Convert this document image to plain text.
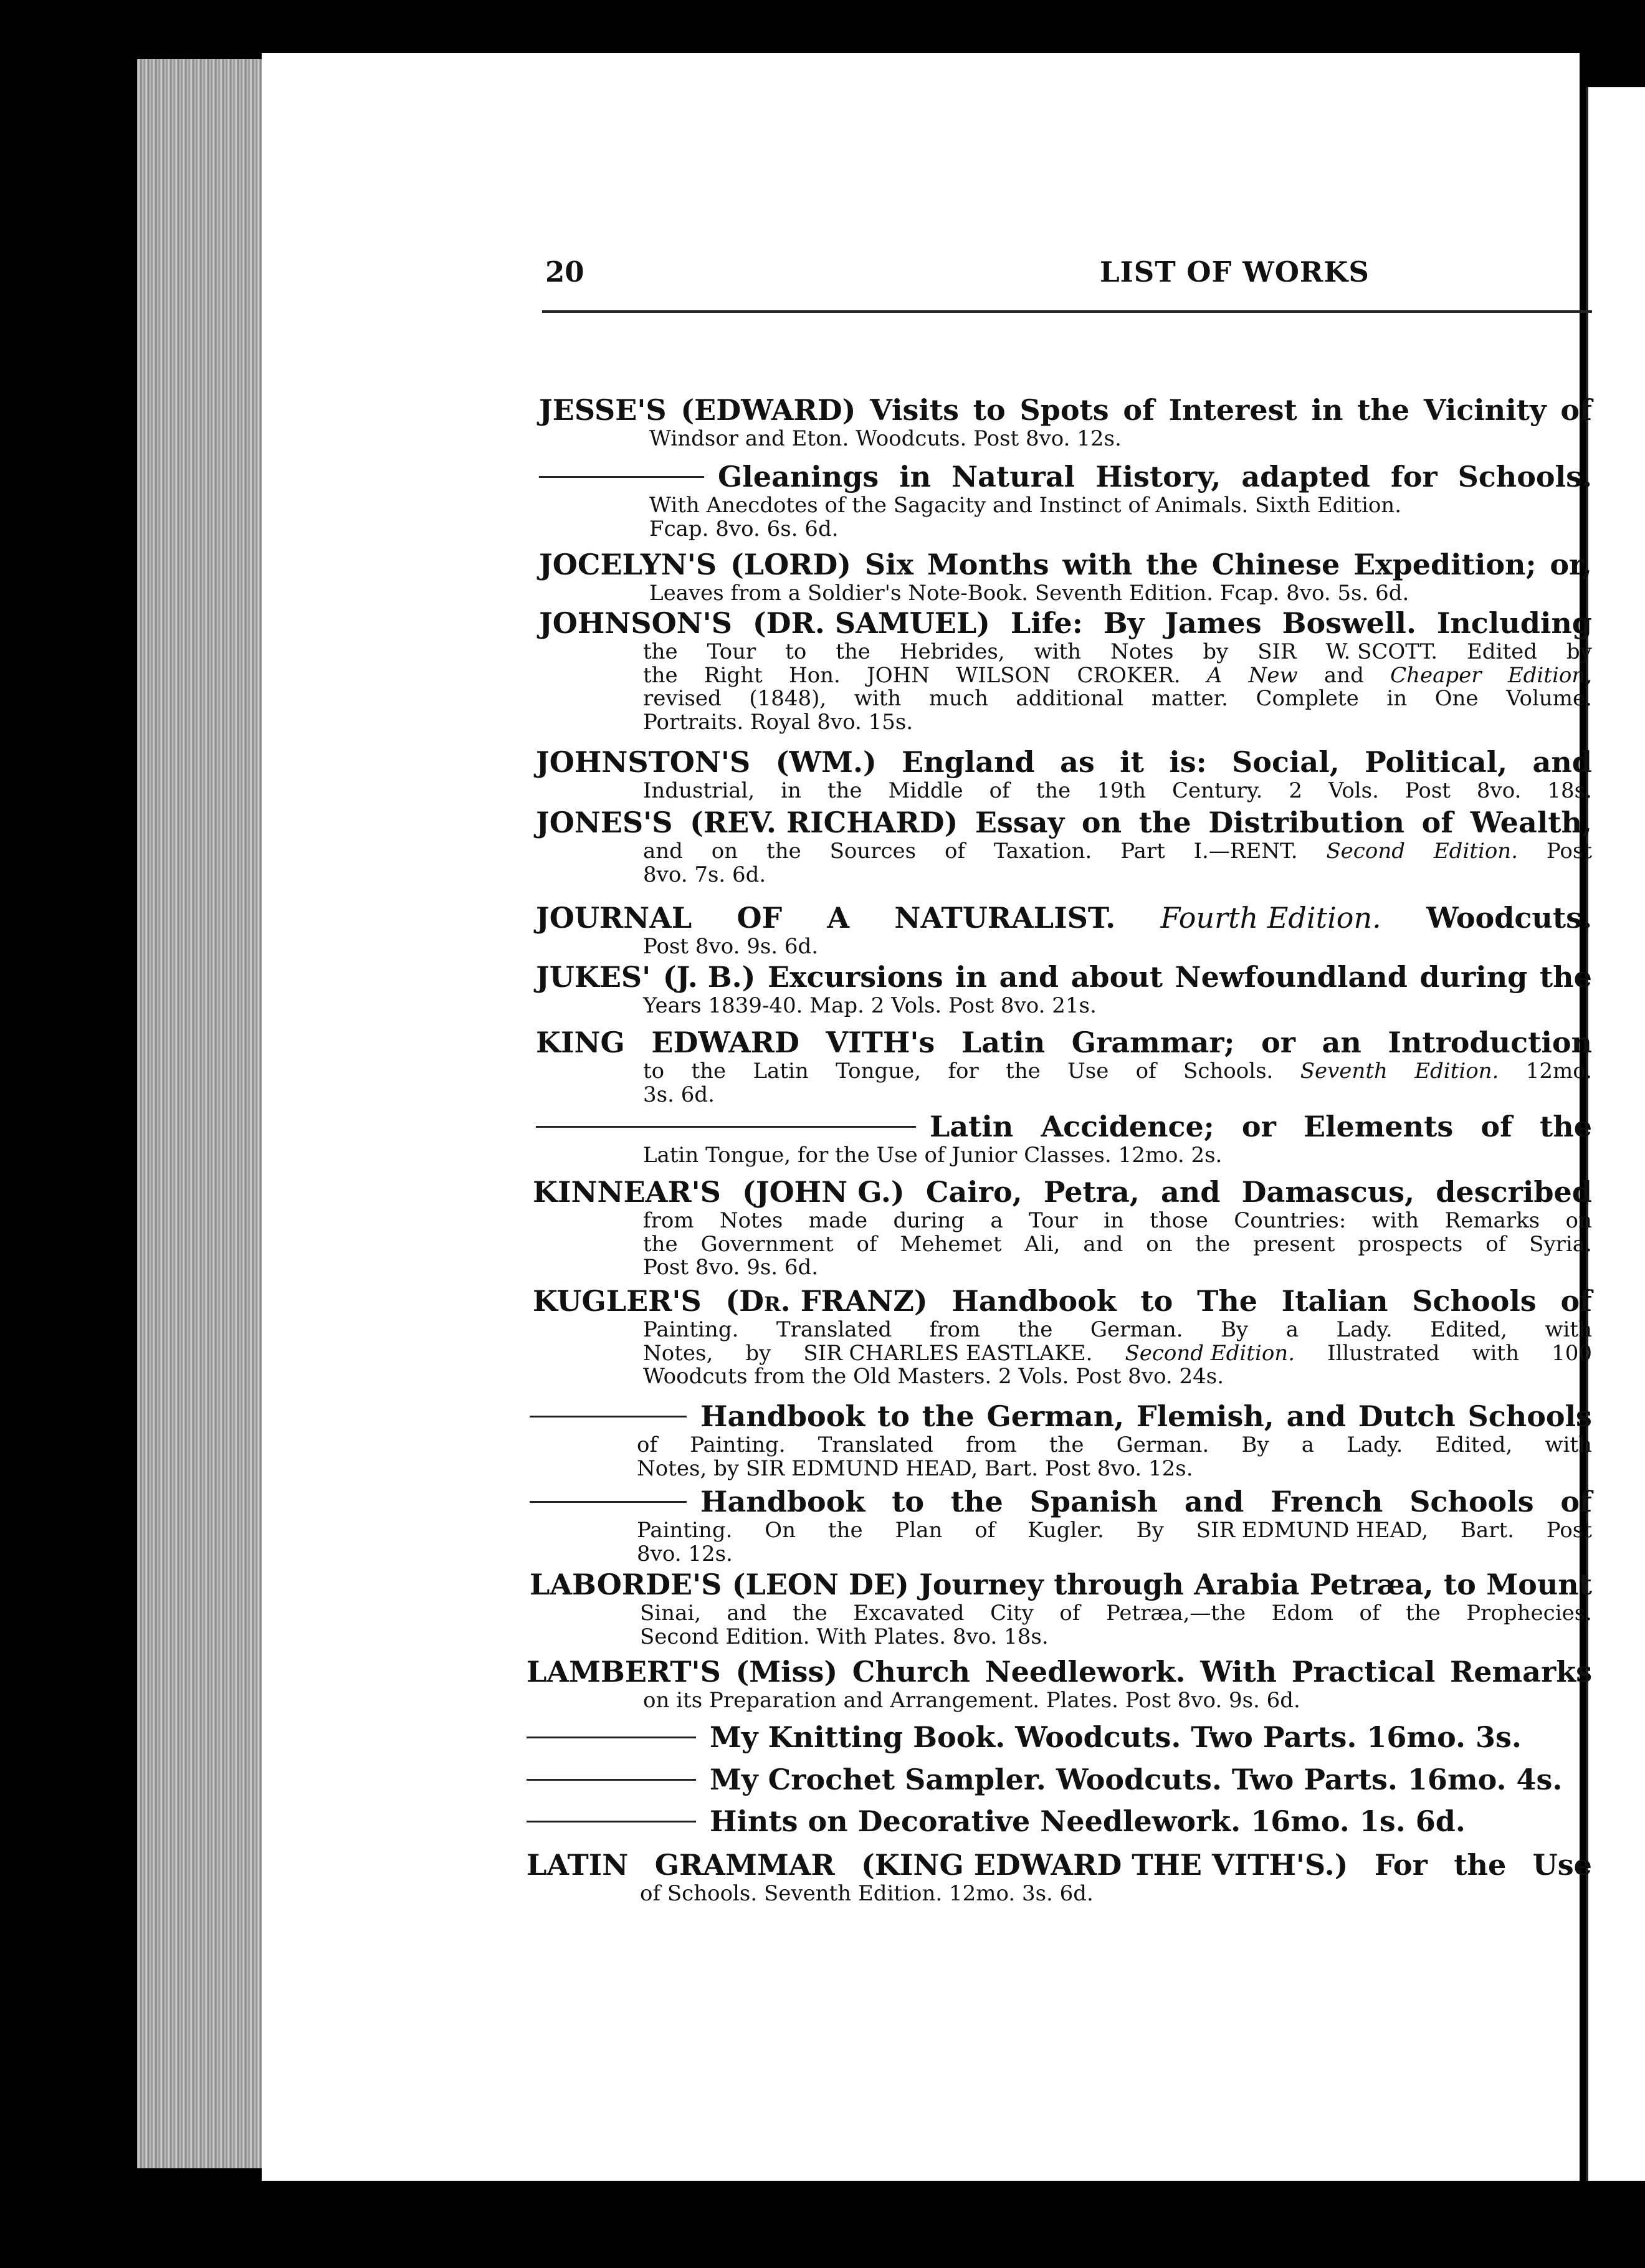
20	LIST OF WORKS
JESSE'S (EDWARD) Visits to Spots of Interest in the Vicinity of
Windsor and Eton. Woodcuts. Post 8vo. 12s.
Gleanings in Natural History, adapted for Schools.
With Anecdotes of the Sagacity and Instinct of Animals. Sixth Edition.
Fcap. 8vo. 6s. 6d.
JOCELYN'S (LORD) Six Months with the Chinese Expedition; or,
Leaves from a Soldier's Note-Book. Seventh Edition. Fcap. 8vo. 5s. 6d.
JOHNSON'S (DR. SAMUEL) Life: By James Boswell. Including
the Tour to the Hebrides, with Notes by SIR W. SCOTT. Edited by
the Right Hon. JOHN WILSON CROKER. A New and Cheaper Edition,
revised (1848), with much additional matter. Complete in One Volume.
Portraits. Royal 8vo. 15s.
JOHNSTON'S (WM.) England as it is: Social, Political, and
Industrial, in the Middle of the 19th Century. 2 Vols. Post 8vo. 18s.
JONES'S (REV. RICHARD) Essay on the Distribution of Wealth,
and on the Sources of Taxation. Part I.—RENT. Second Edition. Post
8vo. 7s. 6d.
JOURNAL OF A NATURALIST. Fourth Edition. Woodcuts.
Post 8vo. 9s. 6d.
JUKES' (J. B.) Excursions in and about Newfoundland during the
Years 1839-40. Map. 2 Vols. Post 8vo. 21s.
KING EDWARD VITH's Latin Grammar; or an Introduction
to the Latin Tongue, for the Use of Schools. Seventh Edition. 12mo.
3s. 6d.
Latin Accidence; or Elements of the
Latin Tongue, for the Use of Junior Classes. 12mo. 2s.
KINNEAR'S (JOHN G.) Cairo, Petra, and Damascus, described
from Notes made during a Tour in those Countries: with Remarks on
the Government of Mehemet Ali, and on the present prospects of Syria.
Post 8vo. 9s. 6d.
KUGLER'S (Dr. FRANZ) Handbook to The Italian Schools of
Painting. Translated from the German. By a Lady. Edited, with
Notes, by SIR CHARLES EASTLAKE. Second Edition. Illustrated with 100
Woodcuts from the Old Masters. 2 Vols. Post 8vo. 24s.
Handbook to the German, Flemish, and Dutch Schools
of Painting. Translated from the German. By a Lady. Edited, with
Notes, by SIR EDMUND HEAD, Bart. Post 8vo. 12s.
Handbook to the Spanish and French Schools of
Painting. On the Plan of Kugler. By SIR EDMUND HEAD, Bart. Post
8vo. 12s.
LABORDE'S (LEON DE) Journey through Arabia Petræa, to Mount
Sinai, and the Excavated City of Petræa,—the Edom of the Prophecies.
Second Edition. With Plates. 8vo. 18s.
LAMBERT'S (Miss) Church Needlework. With Practical Remarks
on its Preparation and Arrangement. Plates. Post 8vo. 9s. 6d.
My Knitting Book. Woodcuts. Two Parts. 16mo. 3s.
My Crochet Sampler. Woodcuts. Two Parts. 16mo. 4s.
Hints on Decorative Needlework. 16mo. 1s. 6d.
LATIN GRAMMAR (KING EDWARD THE VITH'S.) For the Use
of Schools. Seventh Edition. 12mo. 3s. 6d.
